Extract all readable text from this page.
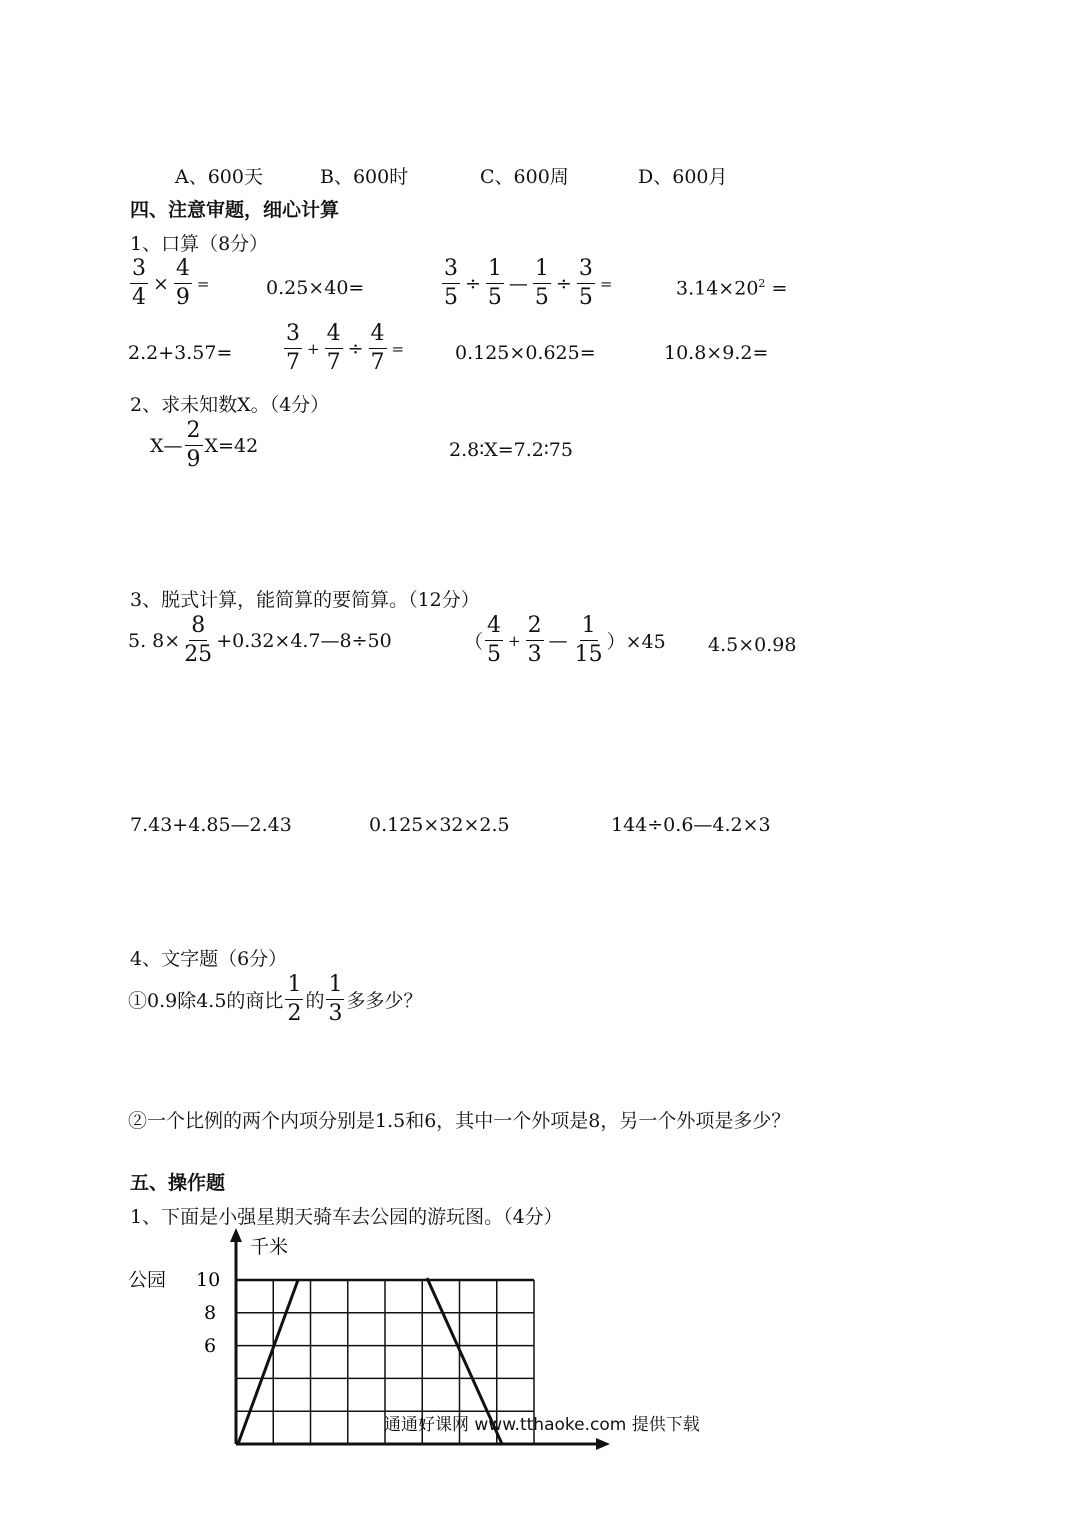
A、600天	B、600时	C、600周	D、600月
四、注意审题，细心计算
1、口算（8分）
$\frac{3}{4} \times \frac{4}{9}$ =	0.25×40=	$\frac{3}{5} \div \frac{1}{5}$ — $\frac{1}{5} \div \frac{3}{5}$ =	$3.14\times 20^2$ =
$2.2+3.57= \frac{3}{7} + \frac{4}{7} \div \frac{4}{7}$ =	0.125×0.625=	10.8×9.2=
2、求未知数X。（4分）
X— $\frac{2}{9} X=42$	2.8∶X=7.2∶75
3、脱式计算，能简算的要简算。（12分）
5. $8\times \frac{8}{25}$ +0.32×4.7—8÷50	（ $\frac{4}{5} + \frac{2}{3}$ — $\frac{1}{15} )\times 45$ 4.5×0.98
7.43+4.85—2.43	0.125×32×2.5	144÷0.6—4.2×3
4、文字题（6分）
①0.9除4.5的商比 $\frac{1}{2}$ 的 $\frac{1}{3}$ 多多少？
②一个比例的两个内项分别是1.5和6，其中一个外项是8，另一个外项是多少？
五、操作题
1、下面是小强星期天骑车去公园的游玩图。（4分）
千米
公园 10
8
6
通通好课网 www.tthaoke.com 提供下载
